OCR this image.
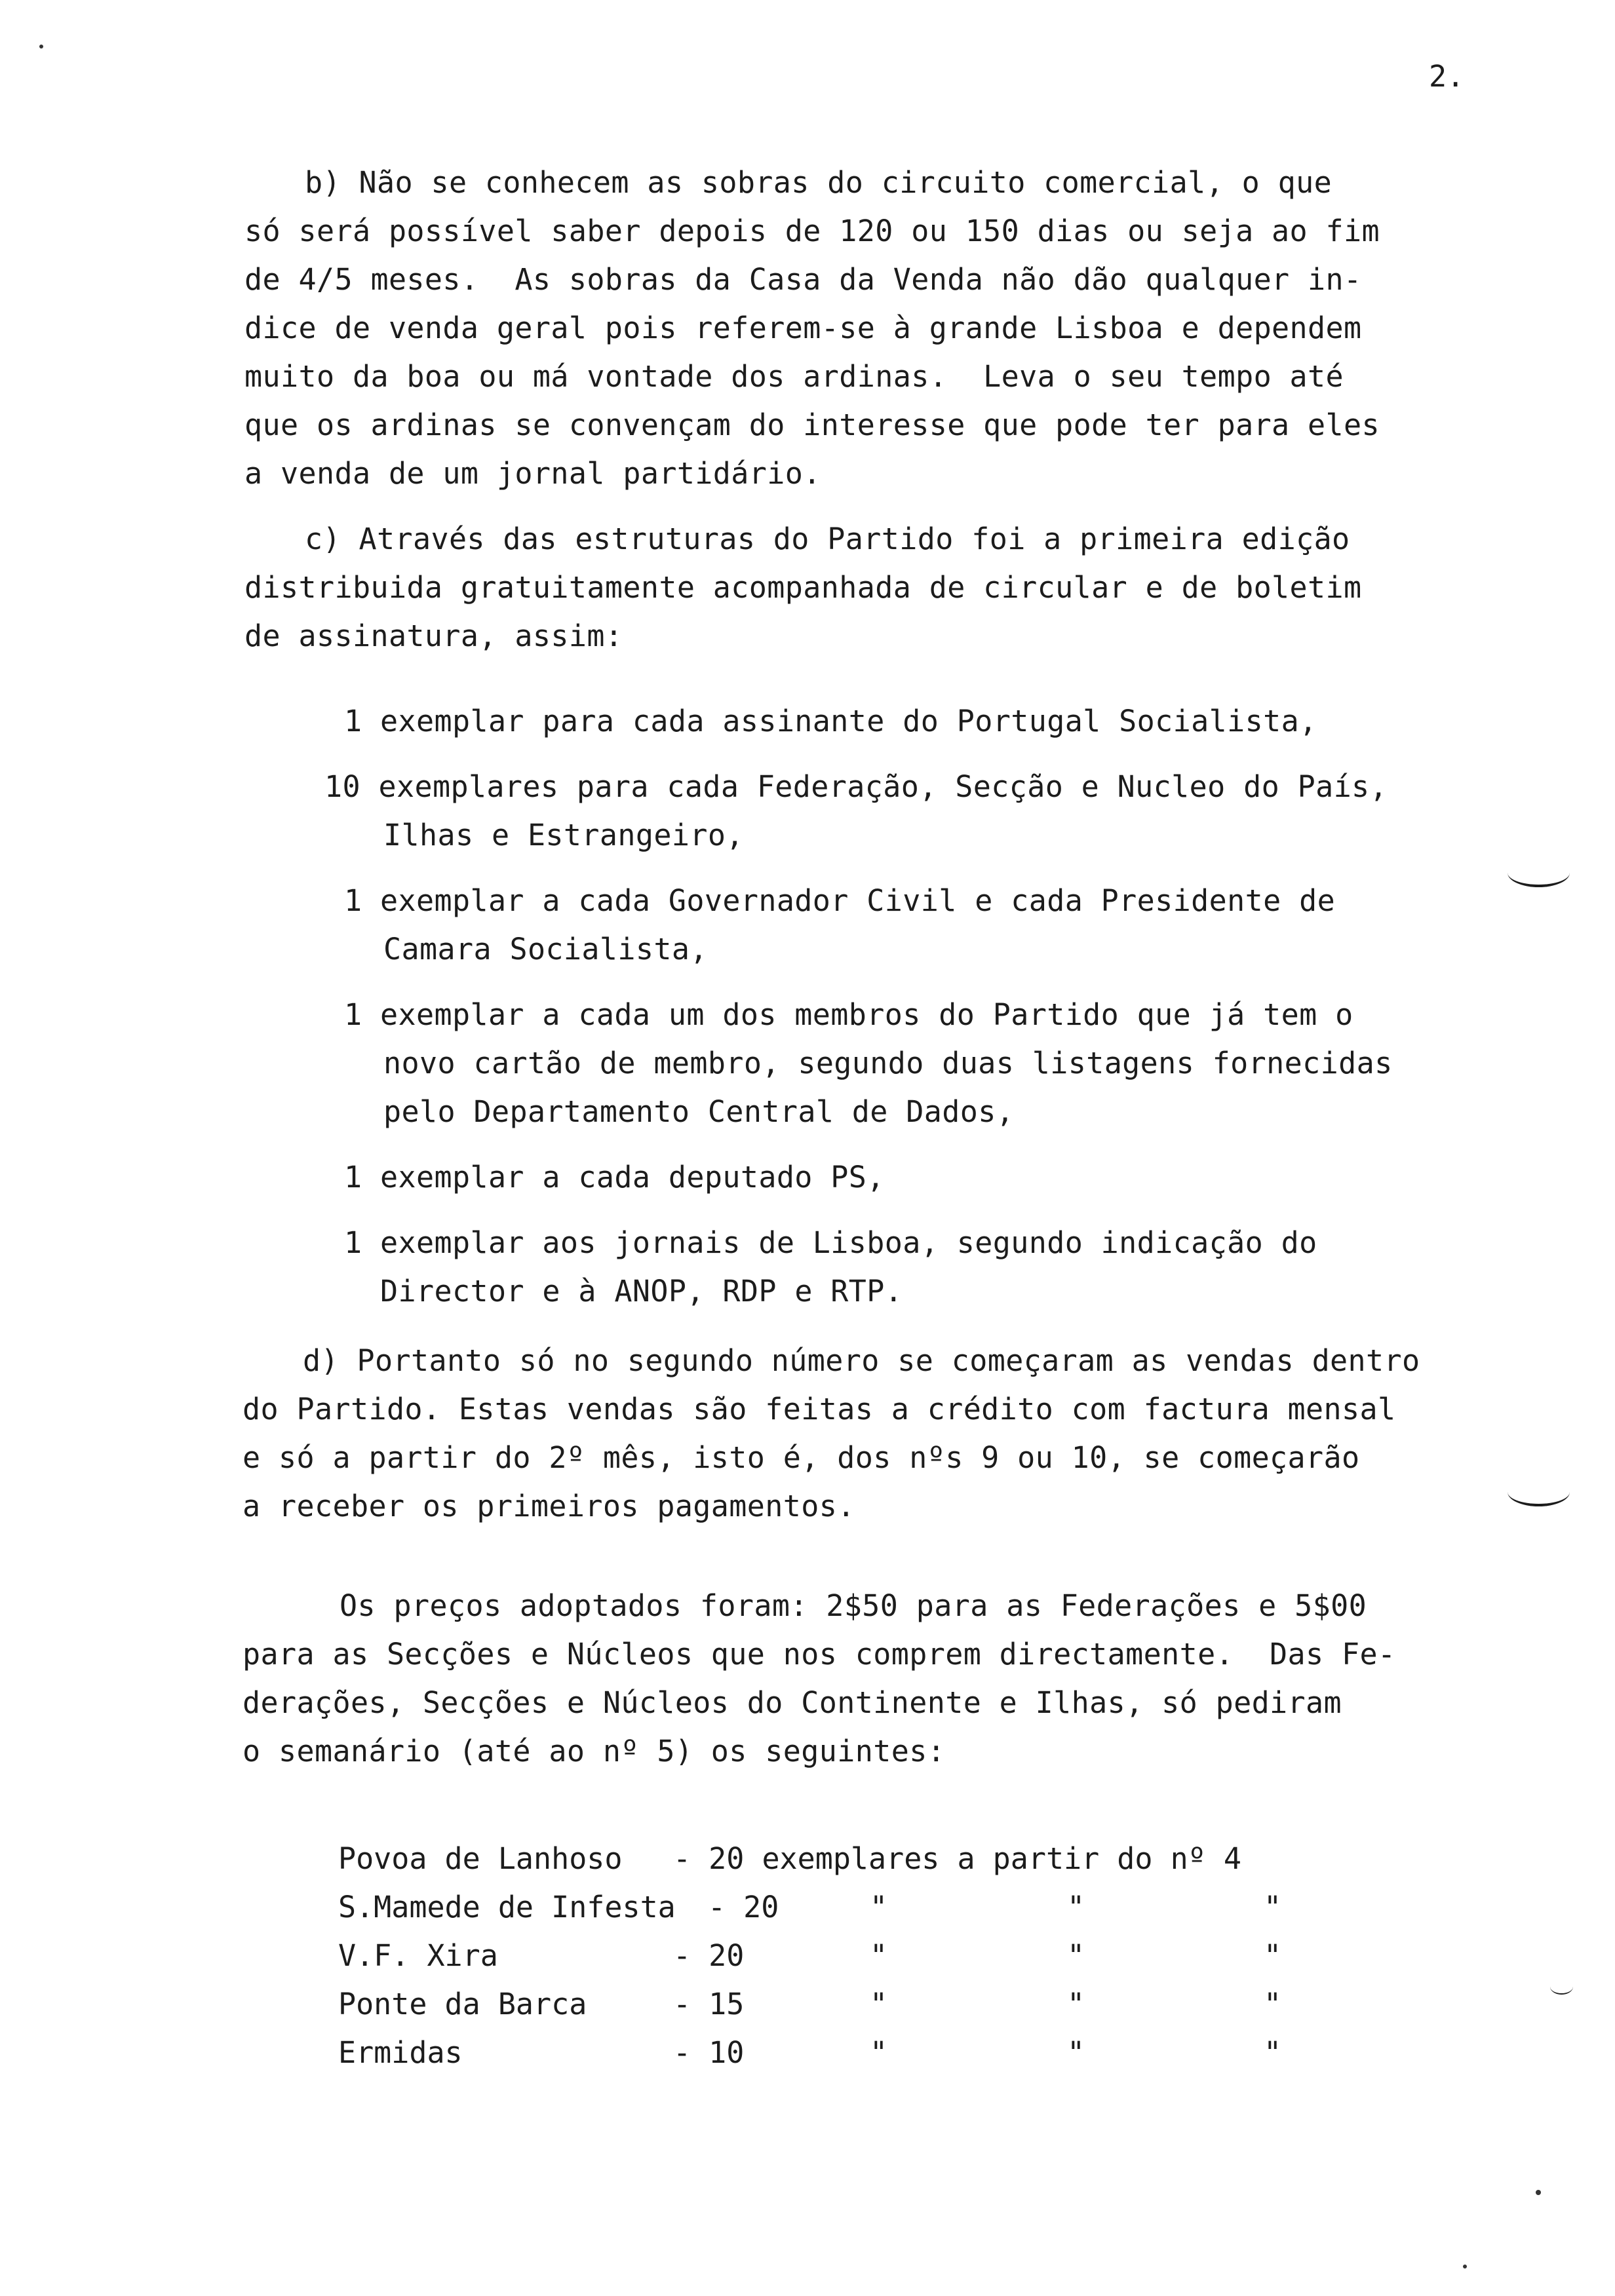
2.
b) Não se conhecem as sobras do circuito comercial, o que
só será possível saber depois de 120 ou 150 dias ou seja ao fim
de 4/5 meses.  As sobras da Casa da Venda não dão qualquer in-
dice de venda geral pois referem-se à grande Lisboa e dependem
muito da boa ou má vontade dos ardinas.  Leva o seu tempo até
que os ardinas se convençam do interesse que pode ter para eles
a venda de um jornal partidário.
c) Através das estruturas do Partido foi a primeira edição
distribuida gratuitamente acompanhada de circular e de boletim
de assinatura, assim:
1 exemplar para cada assinante do Portugal Socialista,
10 exemplares para cada Federação, Secção e Nucleo do País,
Ilhas e Estrangeiro,
1 exemplar a cada Governador Civil e cada Presidente de
Camara Socialista,
1 exemplar a cada um dos membros do Partido que já tem o
novo cartão de membro, segundo duas listagens fornecidas
pelo Departamento Central de Dados,
1 exemplar a cada deputado PS,
1 exemplar aos jornais de Lisboa, segundo indicação do
Director e à ANOP, RDP e RTP.
d) Portanto só no segundo número se começaram as vendas dentro
do Partido. Estas vendas são feitas a crédito com factura mensal
e só a partir do 2º mês, isto é, dos nºs 9 ou 10, se começarão
a receber os primeiros pagamentos.
Os preços adoptados foram: 2$50 para as Federações e 5$00
para as Secções e Núcleos que nos comprem directamente.  Das Fe-
derações, Secções e Núcleos do Continente e Ilhas, só pediram
o semanário (até ao nº 5) os seguintes:
Povoa de Lanhoso - 20 exemplares a partir do nº 4
S.Mamede de Infesta - 20	"	"	"
V.F. Xira	- 20	"	"	"
Ponte da Barca	- 15	"	"	"
Ermidas	- 10	"	"	"
